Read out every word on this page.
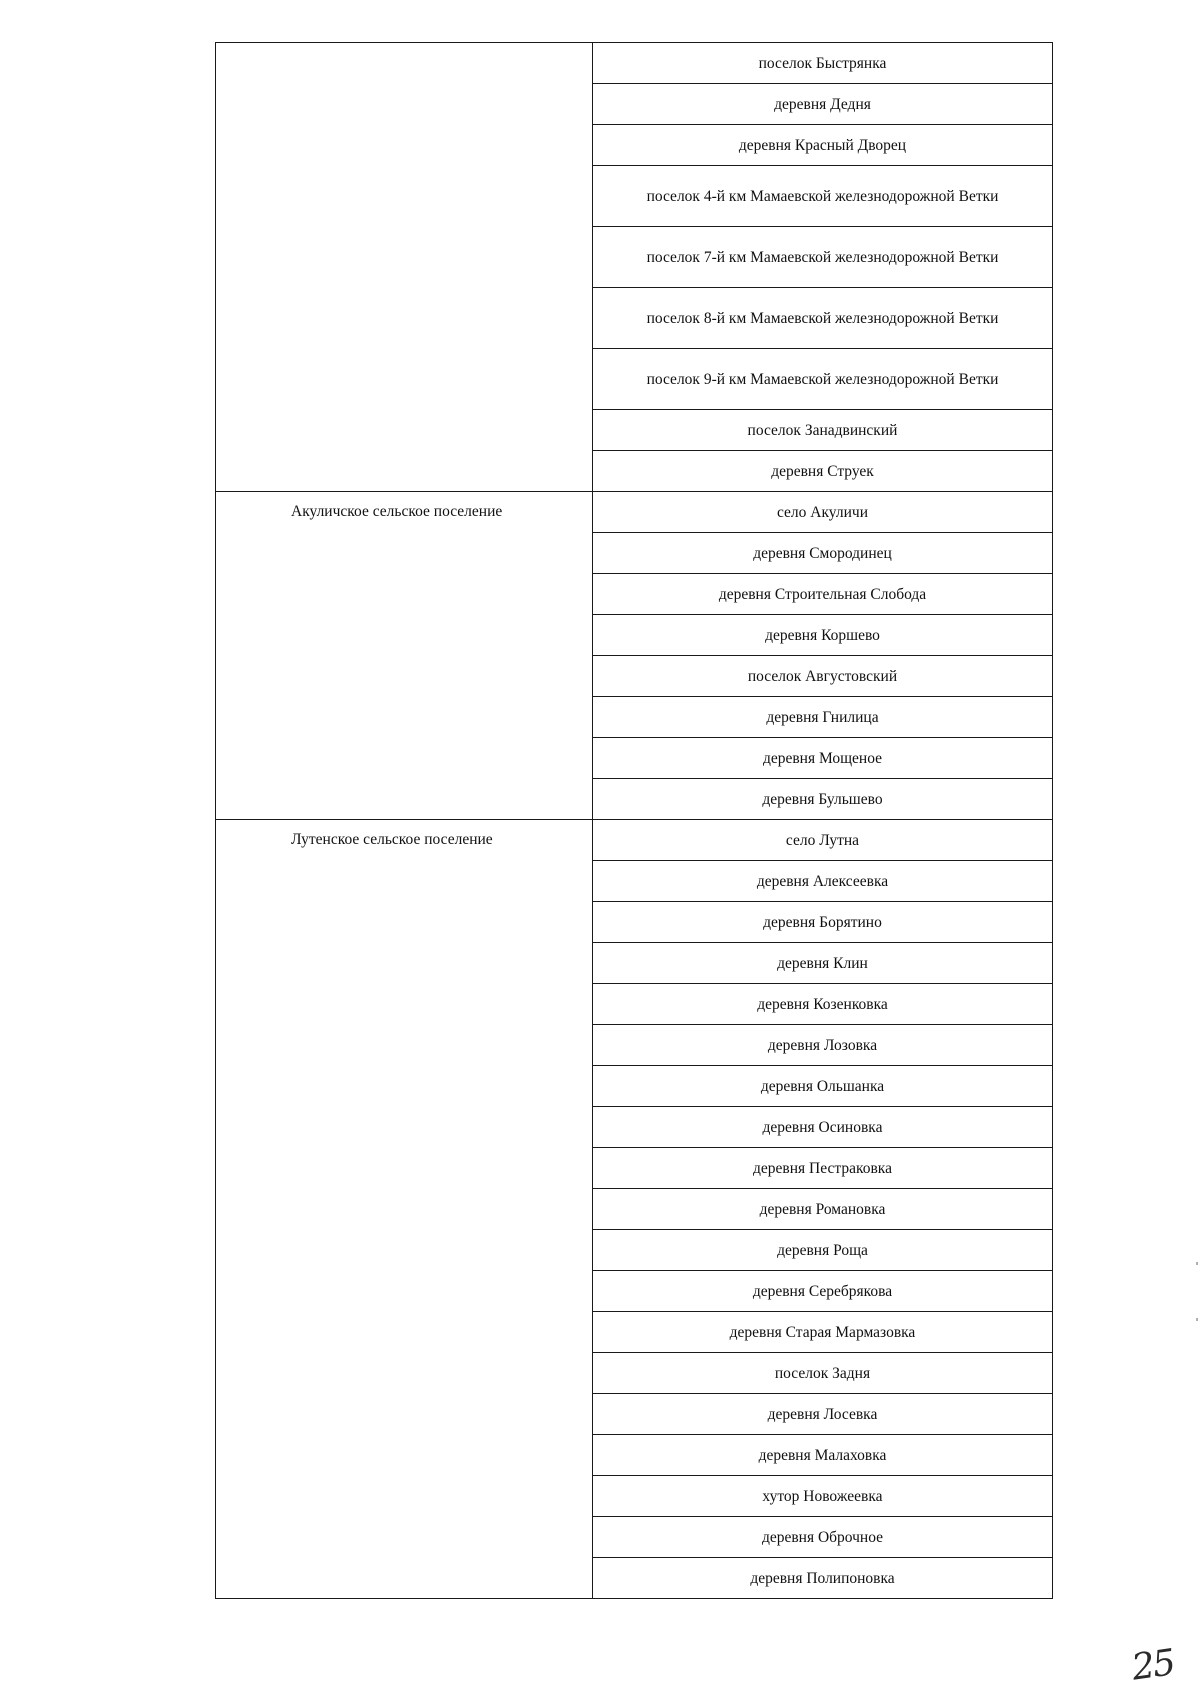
	поселок Быстрянка
	деревня Дедня
	деревня Красный Дворец
	поселок 4-й км Мамаевской железнодорожной Ветки
	поселок 7-й км Мамаевской железнодорожной Ветки
	поселок 8-й км Мамаевской железнодорожной Ветки
	поселок 9-й км Мамаевской железнодорожной Ветки
	поселок Занадвинский
	деревня Струек
Акуличское сельское поселение	село Акуличи
	деревня Смородинец
	деревня Строительная Слобода
	деревня Коршево
	поселок Августовский
	деревня Гнилица
	деревня Мощеное
	деревня Бульшево
Лутенское сельское поселение	село Лутна
	деревня Алексеевка
	деревня Борятино
	деревня Клин
	деревня Козенковка
	деревня Лозовка
	деревня Ольшанка
	деревня Осиновка
	деревня Пестраковка
	деревня Романовка
	деревня Роща
	деревня Серебрякова
	деревня Старая Мармазовка
	поселок Задня
	деревня Лосевка
	деревня Малаховка
	хутор Новожеевка
	деревня Оброчное
	деревня Полипоновка
25
